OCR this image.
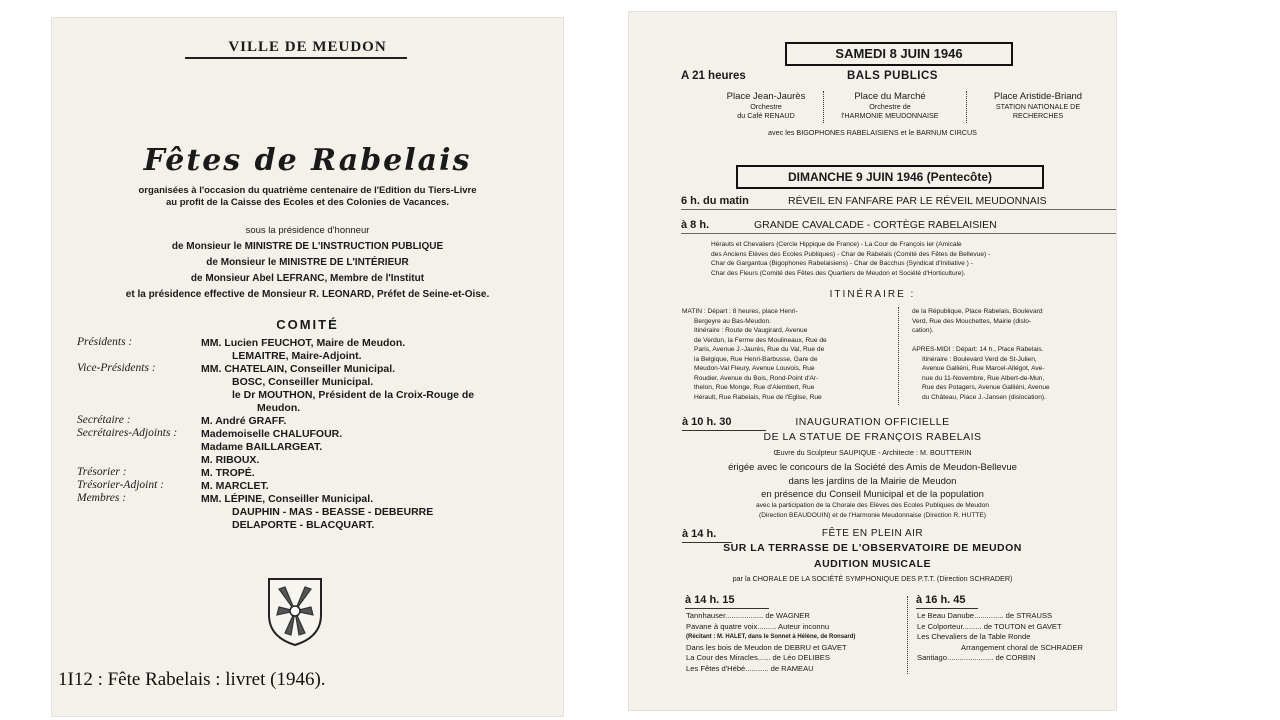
VILLE DE MEUDON
Fêtes de Rabelais
organisées à l'occasion du quatrième centenaire de l'Edition du Tiers-Livre
au profit de la Caisse des Ecoles et des Colonies de Vacances.
sous la présidence d'honneur
de Monsieur le MINISTRE DE L'INSTRUCTION PUBLIQUE
de Monsieur le MINISTRE DE L'INTÉRIEUR
de Monsieur Abel LEFRANC, Membre de l'Institut
et la présidence effective de Monsieur R. LEONARD, Préfet de Seine-et-Oise.
COMITÉ
Présidents :	MM. Lucien FEUCHOT, Maire de Meudon.
LEMAITRE, Maire-Adjoint.
Vice-Présidents :	MM. CHATELAIN, Conseiller Municipal.
BOSC, Conseiller Municipal.
le Dr MOUTHON, Président de la Croix-Rouge de
Meudon.
Secrétaire :	M. André GRAFF.
Secrétaires-Adjoints : Mademoiselle CHALUFOUR.
Madame BAILLARGEAT.
M. RIBOUX.
Trésorier :	M. TROPÉ.
Trésorier-Adjoint :	M. MARCLET.
Membres :	MM. LÉPINE, Conseiller Municipal.
DAUPHIN - MAS - BEASSE - DEBEURRE
DELAPORTE - BLACQUART.
1I12 : Fête Rabelais : livret (1946).
SAMEDI 8 JUIN 1946
A 21 heures	BALS PUBLICS
Place Jean-Jaurès
Orchestre
du Café RENAUD
Place du Marché
Orchestre de
l'HARMONIE MEUDONNAISE
Place Aristide-Briand
STATION NATIONALE DE
RECHERCHES
avec les BIGOPHONES RABELAISIENS et le BARNUM CIRCUS
DIMANCHE 9 JUIN 1946 (Pentecôte)
6 h. du matin	RÉVEIL EN FANFARE PAR LE RÉVEIL MEUDONNAIS
à 8 h.	GRANDE CAVALCADE - CORTÈGE RABELAISIEN
Hérauts et Chevaliers (Cercle Hippique de France) - La Cour de François Ier (Amicale
des Anciens Elèves des Ecoles Publiques) - Char de Rabelais (Comité des Fêtes de Bellevue) -
Char de Gargantua (Bigophones Rabelaisiens) - Char de Bacchus (Syndicat d'Initiative ) -
Char des Fleurs (Comité des Fêtes des Quartiers de Meudon et Société d'Horticulture).
ITINÉRAIRE :
MATIN : Départ : 8 heures, place Henri-
Bergeyre au Bas-Meudon.
Itinéraire : Route de Vaugirard, Avenue
de Verdun, la Ferme des Moulineaux, Rue de
Paris, Avenue J.-Jaurès, Rue du Val, Rue de
la Belgique, Rue Henri-Barbusse, Gare de
Meudon-Val Fleury, Avenue Louvois, Rue
Roudier, Avenue du Bois, Rond-Point d'Ar-
thelon, Rue Monge, Rue d'Alembert, Rue
Hérault, Rue Rabelais, Rue de l'Eglise, Rue
de la République, Place Rabelais, Boulevard
Verd, Rue des Mouchettes, Mairie (dislo-
cation).
APRES-MIDI : Départ: 14 h., Place Rabelais.
Itinéraire : Boulevard Verd de St-Julien,
Avenue Galliéni, Rue Marcel-Allégot, Ave-
nue du 11-Novembre, Rue Albert-de-Mun,
Rue des Potagers, Avenue Galliéni, Avenue
du Château, Place J.-Jansen (dislocation).
à 10 h. 30	INAUGURATION OFFICIELLE
DE LA STATUE DE FRANÇOIS RABELAIS
Œuvre du Sculpteur SAUPIQUE - Architecte : M. BOUTTERIN
érigée avec le concours de la Société des Amis de Meudon-Bellevue
dans les jardins de la Mairie de Meudon
en présence du Conseil Municipal et de la population
avec la participation de la Chorale des Elèves des Ecoles Publiques de Meudon
(Direction BEAUDOUIN) et de l'Harmonie Meudonnaise (Direction R. HUTTE)
à 14 h.	FÊTE EN PLEIN AIR
SUR LA TERRASSE DE L'OBSERVATOIRE DE MEUDON
AUDITION MUSICALE
par la CHORALE DE LA SOCIÉTÉ SYMPHONIQUE DES P.T.T. (Direction SCHRADER)
à 14 h. 15
Tannhauser.................. de WAGNER
Pavane à quatre voix......... Auteur inconnu
(Récitant : M. HALET, dans le Sonnet à Hélène, de Ronsard)
Dans les bois de Meudon de DEBRU et GAVET
La Cour des Miracles...... de Léo DELIBES
Les Fêtes d'Hébé........... de RAMEAU
à 16 h. 45
Le Beau Danube.............. de STRAUSS
Le Colporteur......... de TOUTON et GAVET
Les Chevaliers de la Table Ronde
Arrangement choral de SCHRADER
Santiago...................... de CORBIN
